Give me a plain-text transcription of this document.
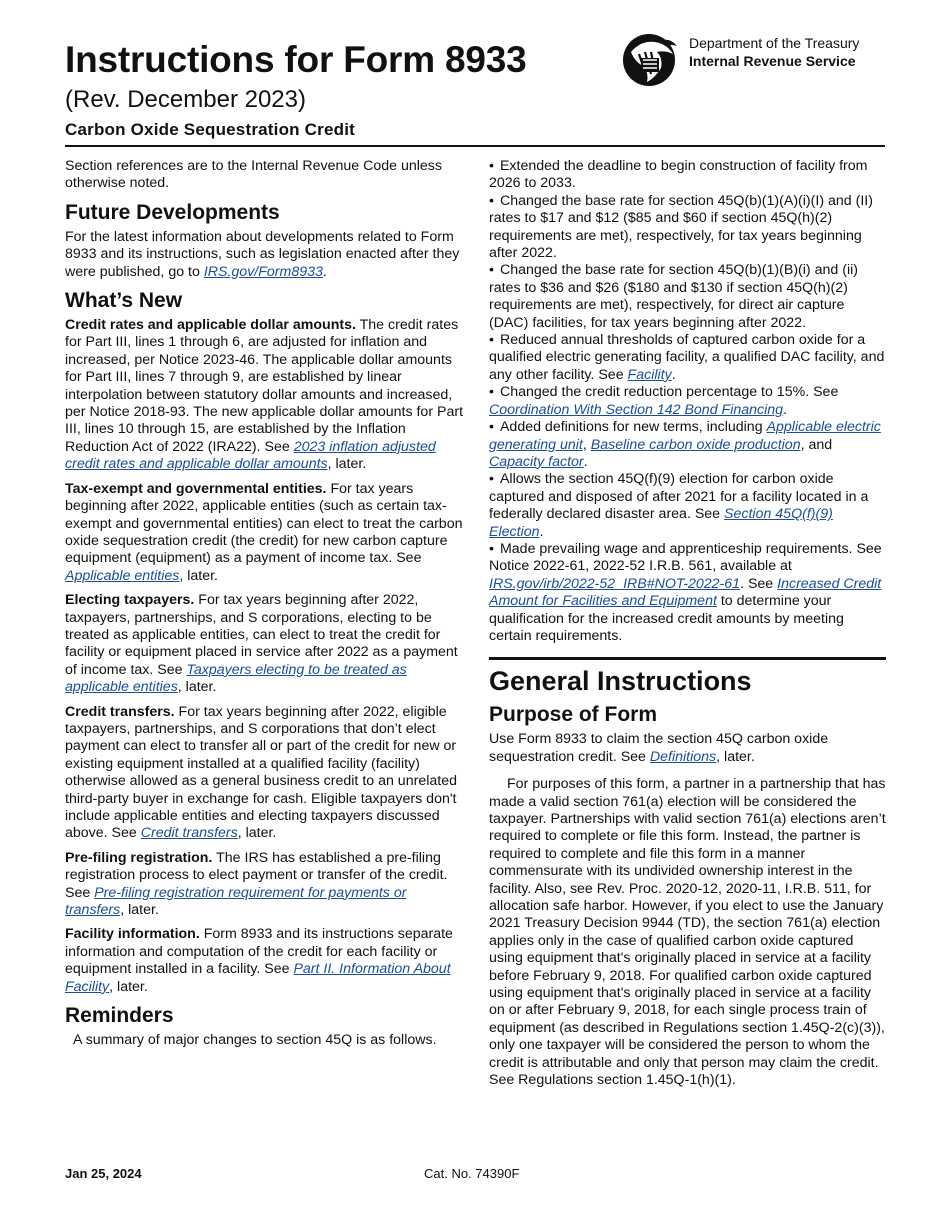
Instructions for Form 8933
(Rev. December 2023)
Carbon Oxide Sequestration Credit
Department of the Treasury
Internal Revenue Service

Section references are to the Internal Revenue Code unless otherwise noted.

Future Developments

For the latest information about developments related to Form 8933 and its instructions, such as legislation enacted after they were published, go to IRS.gov/Form8933.

What’s New

Credit rates and applicable dollar amounts. The credit rates for Part III, lines 1 through 6, are adjusted for inflation and increased, per Notice 2023-46. The applicable dollar amounts for Part III, lines 7 through 9, are established by linear interpolation between statutory dollar amounts and increased, per Notice 2018-93. The new applicable dollar amounts for Part III, lines 10 through 15, are established by the Inflation Reduction Act of 2022 (IRA22). See 2023 inflation adjusted credit rates and applicable dollar amounts, later.

Tax-exempt and governmental entities. For tax years beginning after 2022, applicable entities (such as certain tax-exempt and governmental entities) can elect to treat the carbon oxide sequestration credit (the credit) for new carbon capture equipment (equipment) as a payment of income tax. See Applicable entities, later.

Electing taxpayers. For tax years beginning after 2022, taxpayers, partnerships, and S corporations, electing to be treated as applicable entities, can elect to treat the credit for facility or equipment placed in service after 2022 as a payment of income tax. See Taxpayers electing to be treated as applicable entities, later.

Credit transfers. For tax years beginning after 2022, eligible taxpayers, partnerships, and S corporations that don’t elect payment can elect to transfer all or part of the credit for new or existing equipment installed at a qualified facility (facility) otherwise allowed as a general business credit to an unrelated third-party buyer in exchange for cash. Eligible taxpayers don't include applicable entities and electing taxpayers discussed above. See Credit transfers, later.

Pre-filing registration. The IRS has established a pre-filing registration process to elect payment or transfer of the credit. See Pre-filing registration requirement for payments or transfers, later.

Facility information. Form 8933 and its instructions separate information and computation of the credit for each facility or equipment installed in a facility. See Part II. Information About Facility, later.

Reminders

A summary of major changes to section 45Q is as follows.

• Extended the deadline to begin construction of facility from 2026 to 2033.
• Changed the base rate for section 45Q(b)(1)(A)(i)(I) and (II) rates to $17 and $12 ($85 and $60 if section 45Q(h)(2) requirements are met), respectively, for tax years beginning after 2022.
• Changed the base rate for section 45Q(b)(1)(B)(i) and (ii) rates to $36 and $26 ($180 and $130 if section 45Q(h)(2) requirements are met), respectively, for direct air capture (DAC) facilities, for tax years beginning after 2022.
• Reduced annual thresholds of captured carbon oxide for a qualified electric generating facility, a qualified DAC facility, and any other facility. See Facility.
• Changed the credit reduction percentage to 15%. See Coordination With Section 142 Bond Financing.
• Added definitions for new terms, including Applicable electric generating unit, Baseline carbon oxide production, and Capacity factor.
• Allows the section 45Q(f)(9) election for carbon oxide captured and disposed of after 2021 for a facility located in a federally declared disaster area. See Section 45Q(f)(9) Election.
• Made prevailing wage and apprenticeship requirements. See Notice 2022-61, 2022-52 I.R.B. 561, available at IRS.gov/irb/2022-52_IRB#NOT-2022-61. See Increased Credit Amount for Facilities and Equipment to determine your qualification for the increased credit amounts by meeting certain requirements.
General Instructions
Purpose of Form

Use Form 8933 to claim the section 45Q carbon oxide sequestration credit. See Definitions, later.

For purposes of this form, a partner in a partnership that has made a valid section 761(a) election will be considered the taxpayer. Partnerships with valid section 761(a) elections aren’t required to complete or file this form. Instead, the partner is required to complete and file this form in a manner commensurate with its undivided ownership interest in the facility. Also, see Rev. Proc. 2020-12, 2020-11, I.R.B. 511, for allocation safe harbor. However, if you elect to use the January 2021 Treasury Decision 9944 (TD), the section 761(a) election applies only in the case of qualified carbon oxide captured using equipment that's originally placed in service at a facility before February 9, 2018. For qualified carbon oxide captured using equipment that's originally placed in service at a facility on or after February 9, 2018, for each single process train of equipment (as described in Regulations section 1.45Q-2(c)(3)), only one taxpayer will be considered the person to whom the credit is attributable and only that person may claim the credit. See Regulations section 1.45Q-1(h)(1).

Jan 25, 2024	Cat. No. 74390F
